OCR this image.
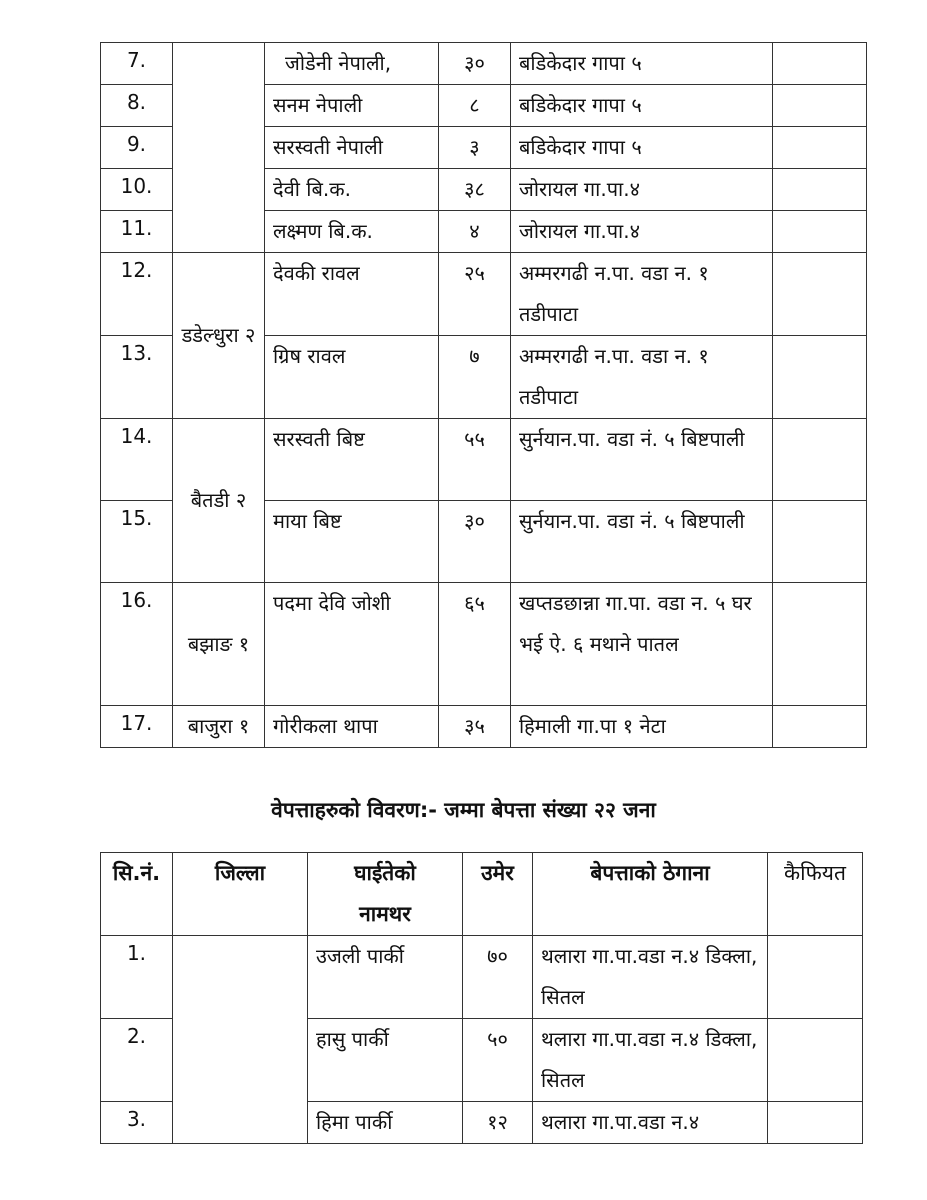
7.		जोडेनी नेपाली,	३०	बडिकेदार गापा ५	
8.		सनम नेपाली	८	बडिकेदार गापा ५	
9.		सरस्वती नेपाली	३	बडिकेदार गापा ५	
10.		देवी बि.क.	३८	जोरायल गा.पा.४	
11.		लक्ष्मण बि.क.	४	जोरायल गा.पा.४	
12.	डडेल्धुरा २	देवकी रावल	२५	अम्मरगढी न.पा. वडा न. १ तडीपाटा	
13.		ग्रिष रावल	७	अम्मरगढी न.पा. वडा न. १ तडीपाटा	
14.	बैतडी २	सरस्वती बिष्ट	५५	सुर्नयान.पा. वडा नं. ५ बिष्टपाली	
15.		माया बिष्ट	३०	सुर्नयान.पा. वडा नं. ५ बिष्टपाली	
16.	बझाङ १	पदमा देवि जोशी	६५	खप्तडछान्ना गा.पा. वडा न. ५ घर भई ऐ. ६ मथाने पातल	
17.	बाजुरा १	गोरीकला थापा	३५	हिमाली गा.पा १ नेटा	
वेपत्ताहरुको विवरण:- जम्मा बेपत्ता संख्या २२ जना
सि.नं.	जिल्ला	घाईतेको नामथर	उमेर	बेपत्ताको ठेगाना	कैफियत
1.		उजली पार्की	७०	थलारा गा.पा.वडा न.४ डिक्ला, सितल	
2.		हासु पार्की	५०	थलारा गा.पा.वडा न.४ डिक्ला, सितल	
3.		हिमा पार्की	१२	थलारा गा.पा.वडा न.४	
